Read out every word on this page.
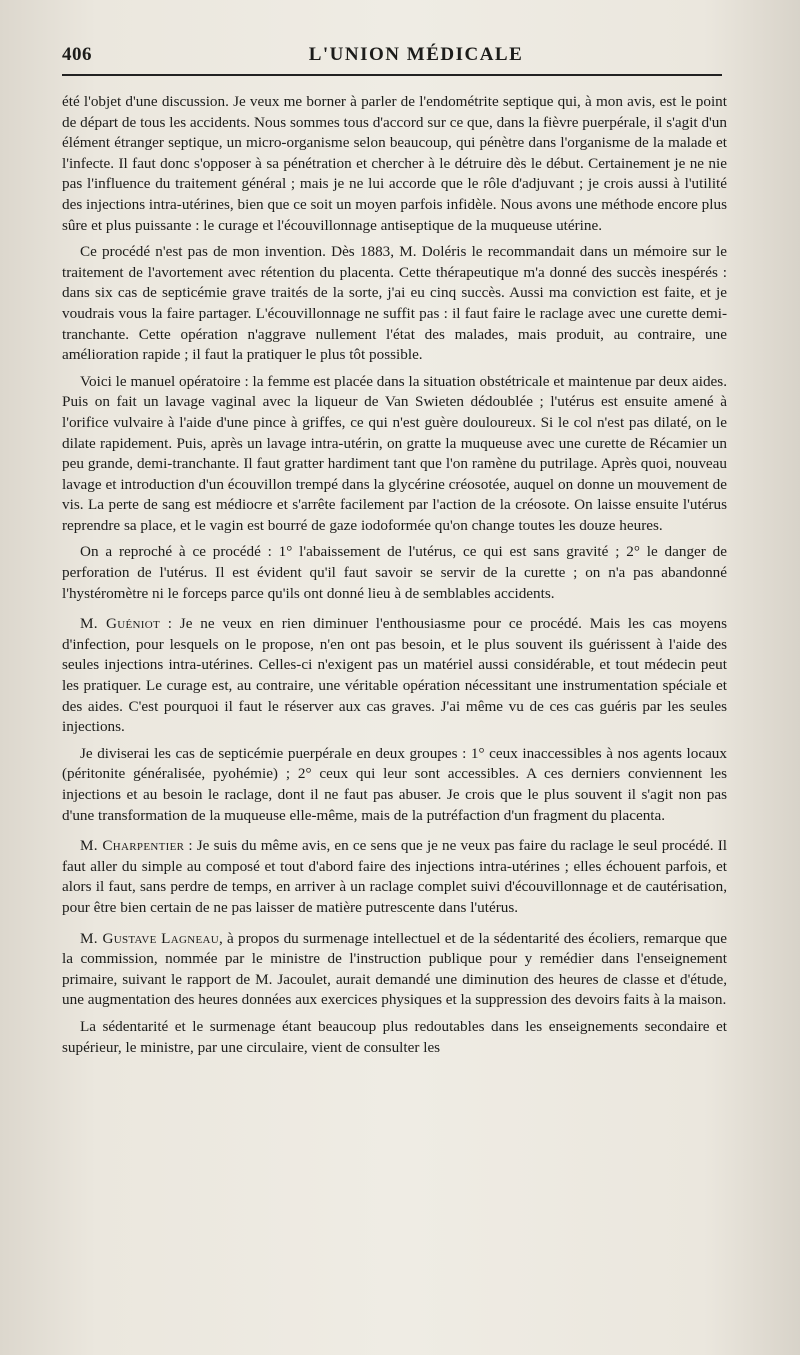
406	L'UNION MÉDICALE

été l'objet d'une discussion. Je veux me borner à parler de l'endométrite septique qui, à mon avis, est le point de départ de tous les accidents. Nous sommes tous d'accord sur ce que, dans la fièvre puerpérale, il s'agit d'un élément étranger septique, un micro-organisme selon beaucoup, qui pénètre dans l'organisme de la malade et l'infecte. Il faut donc s'opposer à sa pénétration et chercher à le détruire dès le début. Certainement je ne nie pas l'influence du traitement général ; mais je ne lui accorde que le rôle d'adjuvant ; je crois aussi à l'utilité des injections intra-utérines, bien que ce soit un moyen parfois infidèle. Nous avons une méthode encore plus sûre et plus puissante : le curage et l'écouvillonnage antiseptique de la muqueuse utérine.

Ce procédé n'est pas de mon invention. Dès 1883, M. Doléris le recommandait dans un mémoire sur le traitement de l'avortement avec rétention du placenta. Cette thérapeutique m'a donné des succès inespérés : dans six cas de septicémie grave traités de la sorte, j'ai eu cinq succès. Aussi ma conviction est faite, et je voudrais vous la faire partager. L'écouvillonnage ne suffit pas : il faut faire le raclage avec une curette demi-tranchante. Cette opération n'aggrave nullement l'état des malades, mais produit, au contraire, une amélioration rapide ; il faut la pratiquer le plus tôt possible.

Voici le manuel opératoire : la femme est placée dans la situation obstétricale et maintenue par deux aides. Puis on fait un lavage vaginal avec la liqueur de Van Swieten dédoublée ; l'utérus est ensuite amené à l'orifice vulvaire à l'aide d'une pince à griffes, ce qui n'est guère douloureux. Si le col n'est pas dilaté, on le dilate rapidement. Puis, après un lavage intra-utérin, on gratte la muqueuse avec une curette de Récamier un peu grande, demi-tranchante. Il faut gratter hardiment tant que l'on ramène du putrilage. Après quoi, nouveau lavage et introduction d'un écouvillon trempé dans la glycérine créosotée, auquel on donne un mouvement de vis. La perte de sang est médiocre et s'arrête facilement par l'action de la créosote. On laisse ensuite l'utérus reprendre sa place, et le vagin est bourré de gaze iodoformée qu'on change toutes les douze heures.

On a reproché à ce procédé : 1° l'abaissement de l'utérus, ce qui est sans gravité ; 2° le danger de perforation de l'utérus. Il est évident qu'il faut savoir se servir de la curette ; on n'a pas abandonné l'hystéromètre ni le forceps parce qu'ils ont donné lieu à de semblables accidents.

M. Guéniot : Je ne veux en rien diminuer l'enthousiasme pour ce procédé. Mais les cas moyens d'infection, pour lesquels on le propose, n'en ont pas besoin, et le plus souvent ils guérissent à l'aide des seules injections intra-utérines. Celles-ci n'exigent pas un matériel aussi considérable, et tout médecin peut les pratiquer. Le curage est, au contraire, une véritable opération nécessitant une instrumentation spéciale et des aides. C'est pourquoi il faut le réserver aux cas graves. J'ai même vu de ces cas guéris par les seules injections.

Je diviserai les cas de septicémie puerpérale en deux groupes : 1° ceux inaccessibles à nos agents locaux (péritonite généralisée, pyohémie) ; 2° ceux qui leur sont accessibles. A ces derniers conviennent les injections et au besoin le raclage, dont il ne faut pas abuser. Je crois que le plus souvent il s'agit non pas d'une transformation de la muqueuse elle-même, mais de la putréfaction d'un fragment du placenta.

M. Charpentier : Je suis du même avis, en ce sens que je ne veux pas faire du raclage le seul procédé. Il faut aller du simple au composé et tout d'abord faire des injections intra-utérines ; elles échouent parfois, et alors il faut, sans perdre de temps, en arriver à un raclage complet suivi d'écouvillonnage et de cautérisation, pour être bien certain de ne pas laisser de matière putrescente dans l'utérus.

M. Gustave Lagneau, à propos du surmenage intellectuel et de la sédentarité des écoliers, remarque que la commission, nommée par le ministre de l'instruction publique pour y remédier dans l'enseignement primaire, suivant le rapport de M. Jacoulet, aurait demandé une diminution des heures de classe et d'étude, une augmentation des heures données aux exercices physiques et la suppression des devoirs faits à la maison.

La sédentarité et le surmenage étant beaucoup plus redoutables dans les enseignements secondaire et supérieur, le ministre, par une circulaire, vient de consulter les
